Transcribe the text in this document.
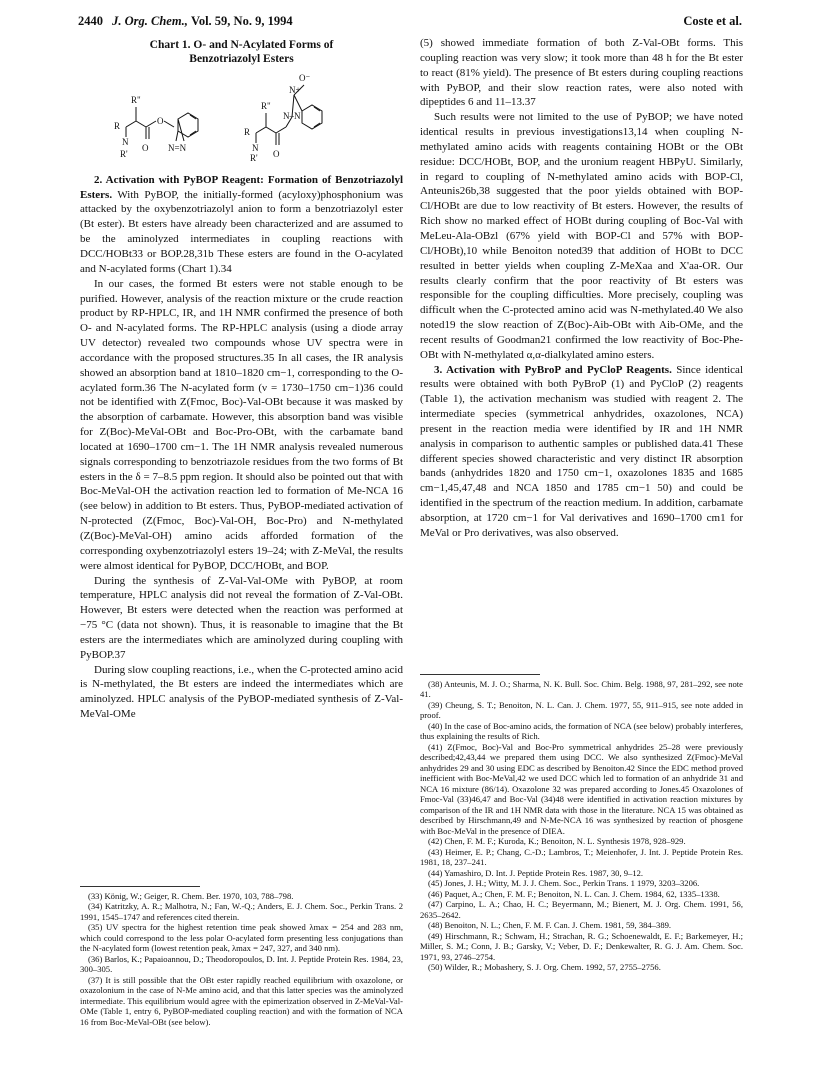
2440 J. Org. Chem., Vol. 59, No. 9, 1994	Coste et al.
Chart 1. O- and N-Acylated Forms of
Benzotriazolyl Esters
R"
R
N
R'
O
O
N=N
O⁻
N+
R"
N–N
R
N
R' O

2. Activation with PyBOP Reagent: Formation of Benzotriazolyl Esters. With PyBOP, the initially-formed (acyloxy)phosphonium was attacked by the oxybenzotriazolyl anion to form a benzotriazolyl ester (Bt ester). Bt esters have already been characterized and are assumed to be the aminolyzed intermediates in coupling reactions with DCC/HOBt33 or BOP.28,31b These esters are found in the O-acylated and N-acylated forms (Chart 1).34

In our cases, the formed Bt esters were not stable enough to be purified. However, analysis of the reaction mixture or the crude reaction product by RP-HPLC, IR, and 1H NMR confirmed the presence of both O- and N-acylated forms. The RP-HPLC analysis (using a diode array UV detector) revealed two compounds whose UV spectra were in accordance with the proposed structures.35 In all cases, the IR analysis showed an absorption band at 1810–1820 cm−1, corresponding to the O-acylated form.36 The N-acylated form (ν = 1730–1750 cm−1)36 could not be identified with Z(Fmoc, Boc)-Val-OBt because it was masked by the absorption of carbamate. However, this absorption band was visible for Z(Boc)-MeVal-OBt and Boc-Pro-OBt, with the carbamate band located at 1690–1700 cm−1. The 1H NMR analysis revealed numerous signals corresponding to benzotriazole residues from the two forms of Bt esters in the δ = 7–8.5 ppm region. It should also be pointed out that with Boc-MeVal-OH the activation reaction led to formation of Me-NCA 16 (see below) in addition to Bt esters. Thus, PyBOP-mediated activation of N-protected (Z(Fmoc, Boc)-Val-OH, Boc-Pro) and N-methylated (Z(Boc)-MeVal-OH) amino acids afforded formation of the corresponding oxybenzotriazolyl esters 19–24; with Z-MeVal, the results were almost identical for PyBOP, DCC/HOBt, and BOP.

During the synthesis of Z-Val-Val-OMe with PyBOP, at room temperature, HPLC analysis did not reveal the formation of Z-Val-OBt. However, Bt esters were detected when the reaction was performed at −75 °C (data not shown). Thus, it is reasonable to imagine that the Bt esters are the intermediates which are aminolyzed during coupling with PyBOP.37

During slow coupling reactions, i.e., when the C-protected amino acid is N-methylated, the Bt esters are indeed the intermediates which are aminolyzed. HPLC analysis of the PyBOP-mediated synthesis of Z-Val-MeVal-OMe

(33) König, W.; Geiger, R. Chem. Ber. 1970, 103, 788–798.

(34) Katritzky, A. R.; Malhotra, N.; Fan, W.-Q.; Anders, E. J. Chem. Soc., Perkin Trans. 2 1991, 1545–1747 and references cited therein.

(35) UV spectra for the highest retention time peak showed λmax = 254 and 283 nm, which could correspond to the less polar O-acylated form presenting less conjugations than the N-acylated form (lowest retention peak, λmax = 247, 327, and 340 nm).

(36) Barlos, K.; Papaioannou, D.; Theodoropoulos, D. Int. J. Peptide Protein Res. 1984, 23, 300–305.

(37) It is still possible that the OBt ester rapidly reached equilibrium with oxazolone, or oxazolonium in the case of N-Me amino acid, and that this latter species was the aminolyzed intermediate. This equilibrium would agree with the epimerization observed in Z-MeVal-Val-OMe (Table 1, entry 6, PyBOP-mediated coupling reaction) and with the formation of NCA 16 from Boc-MeVal-OBt (see below).

(5) showed immediate formation of both Z-Val-OBt forms. This coupling reaction was very slow; it took more than 48 h for the Bt ester to react (81% yield). The presence of Bt esters during coupling reactions with PyBOP, and their slow reaction rates, were also noted with dipeptides 6 and 11–13.37

Such results were not limited to the use of PyBOP; we have noted identical results in previous investigations13,14 when coupling N-methylated amino acids with reagents containing HOBt or the OBt residue: DCC/HOBt, BOP, and the uronium reagent HBPyU. Similarly, in regard to coupling of N-methylated amino acids with BOP-Cl, Anteunis26b,38 suggested that the poor yields obtained with BOP-Cl/HOBt are due to low reactivity of Bt esters. However, the results of Rich show no marked effect of HOBt during coupling of Boc-Val with MeLeu-Ala-OBzl (67% yield with BOP-Cl and 57% with BOP-Cl/HOBt),10 while Benoiton noted39 that addition of HOBt to DCC resulted in better yields when coupling Z-MeXaa and X'aa-OR. Our results clearly confirm that the poor reactivity of Bt esters was responsible for the coupling difficulties. More precisely, coupling was difficult when the C-protected amino acid was N-methylated.40 We also noted19 the slow reaction of Z(Boc)-Aib-OBt with Aib-OMe, and the recent results of Goodman21 confirmed the low reactivity of Boc-Phe-OBt with N-methylated α,α-dialkylated amino esters.

3. Activation with PyBroP and PyCloP Reagents. Since identical results were obtained with both PyBroP (1) and PyCloP (2) reagents (Table 1), the activation mechanism was studied with reagent 2. The intermediate species (symmetrical anhydrides, oxazolones, NCA) present in the reaction media were identified by IR and 1H NMR analysis in comparison to authentic samples or published data.41 These different species showed characteristic and very distinct IR absorption bands (anhydrides 1820 and 1750 cm−1, oxazolones 1835 and 1685 cm−1,45,47,48 and NCA 1850 and 1785 cm−1 50) and could be identified in the spectrum of the reaction medium. In addition, carbamate absorption, at 1720 cm−1 for Val derivatives and 1690–1700 cm1 for MeVal or Pro derivatives, was also observed.

(38) Anteunis, M. J. O.; Sharma, N. K. Bull. Soc. Chim. Belg. 1988, 97, 281–292, see note 41.

(39) Cheung, S. T.; Benoiton, N. L. Can. J. Chem. 1977, 55, 911–915, see note added in proof.

(40) In the case of Boc-amino acids, the formation of NCA (see below) probably interferes, thus explaining the results of Rich.

(41) Z(Fmoc, Boc)-Val and Boc-Pro symmetrical anhydrides 25–28 were previously described;42,43,44 we prepared them using DCC. We also synthesized Z(Fmoc)-MeVal anhydrides 29 and 30 using EDC as described by Benoiton.42 Since the EDC method proved inefficient with Boc-MeVal,42 we used DCC which led to formation of an anhydride 31 and NCA 16 mixture (86/14). Oxazolone 32 was prepared according to Jones.45 Oxazolones of Fmoc-Val (33)46,47 and Boc-Val (34)48 were identified in activation reaction mixtures by comparison of the IR and 1H NMR data with those in the literature. NCA 15 was obtained as described by Hirschmann,49 and N-Me-NCA 16 was synthesized by reaction of phosgene with Boc-MeVal in the presence of DIEA.

(42) Chen, F. M. F.; Kuroda, K.; Benoiton, N. L. Synthesis 1978, 928–929.

(43) Heimer, E. P.; Chang, C.-D.; Lambros, T.; Meienhofer, J. Int. J. Peptide Protein Res. 1981, 18, 237–241.

(44) Yamashiro, D. Int. J. Peptide Protein Res. 1987, 30, 9–12.

(45) Jones, J. H.; Witty, M. J. J. Chem. Soc., Perkin Trans. 1 1979, 3203–3206.

(46) Paquet, A.; Chen, F. M. F.; Benoiton, N. L. Can. J. Chem. 1984, 62, 1335–1338.

(47) Carpino, L. A.; Chao, H. C.; Beyermann, M.; Bienert, M. J. Org. Chem. 1991, 56, 2635–2642.

(48) Benoiton, N. L.; Chen, F. M. F. Can. J. Chem. 1981, 59, 384–389.

(49) Hirschmann, R.; Schwam, H.; Strachan, R. G.; Schoenewaldt, E. F.; Barkemeyer, H.; Miller, S. M.; Conn, J. B.; Garsky, V.; Veber, D. F.; Denkewalter, R. G. J. Am. Chem. Soc. 1971, 93, 2746–2754.

(50) Wilder, R.; Mobashery, S. J. Org. Chem. 1992, 57, 2755–2756.
